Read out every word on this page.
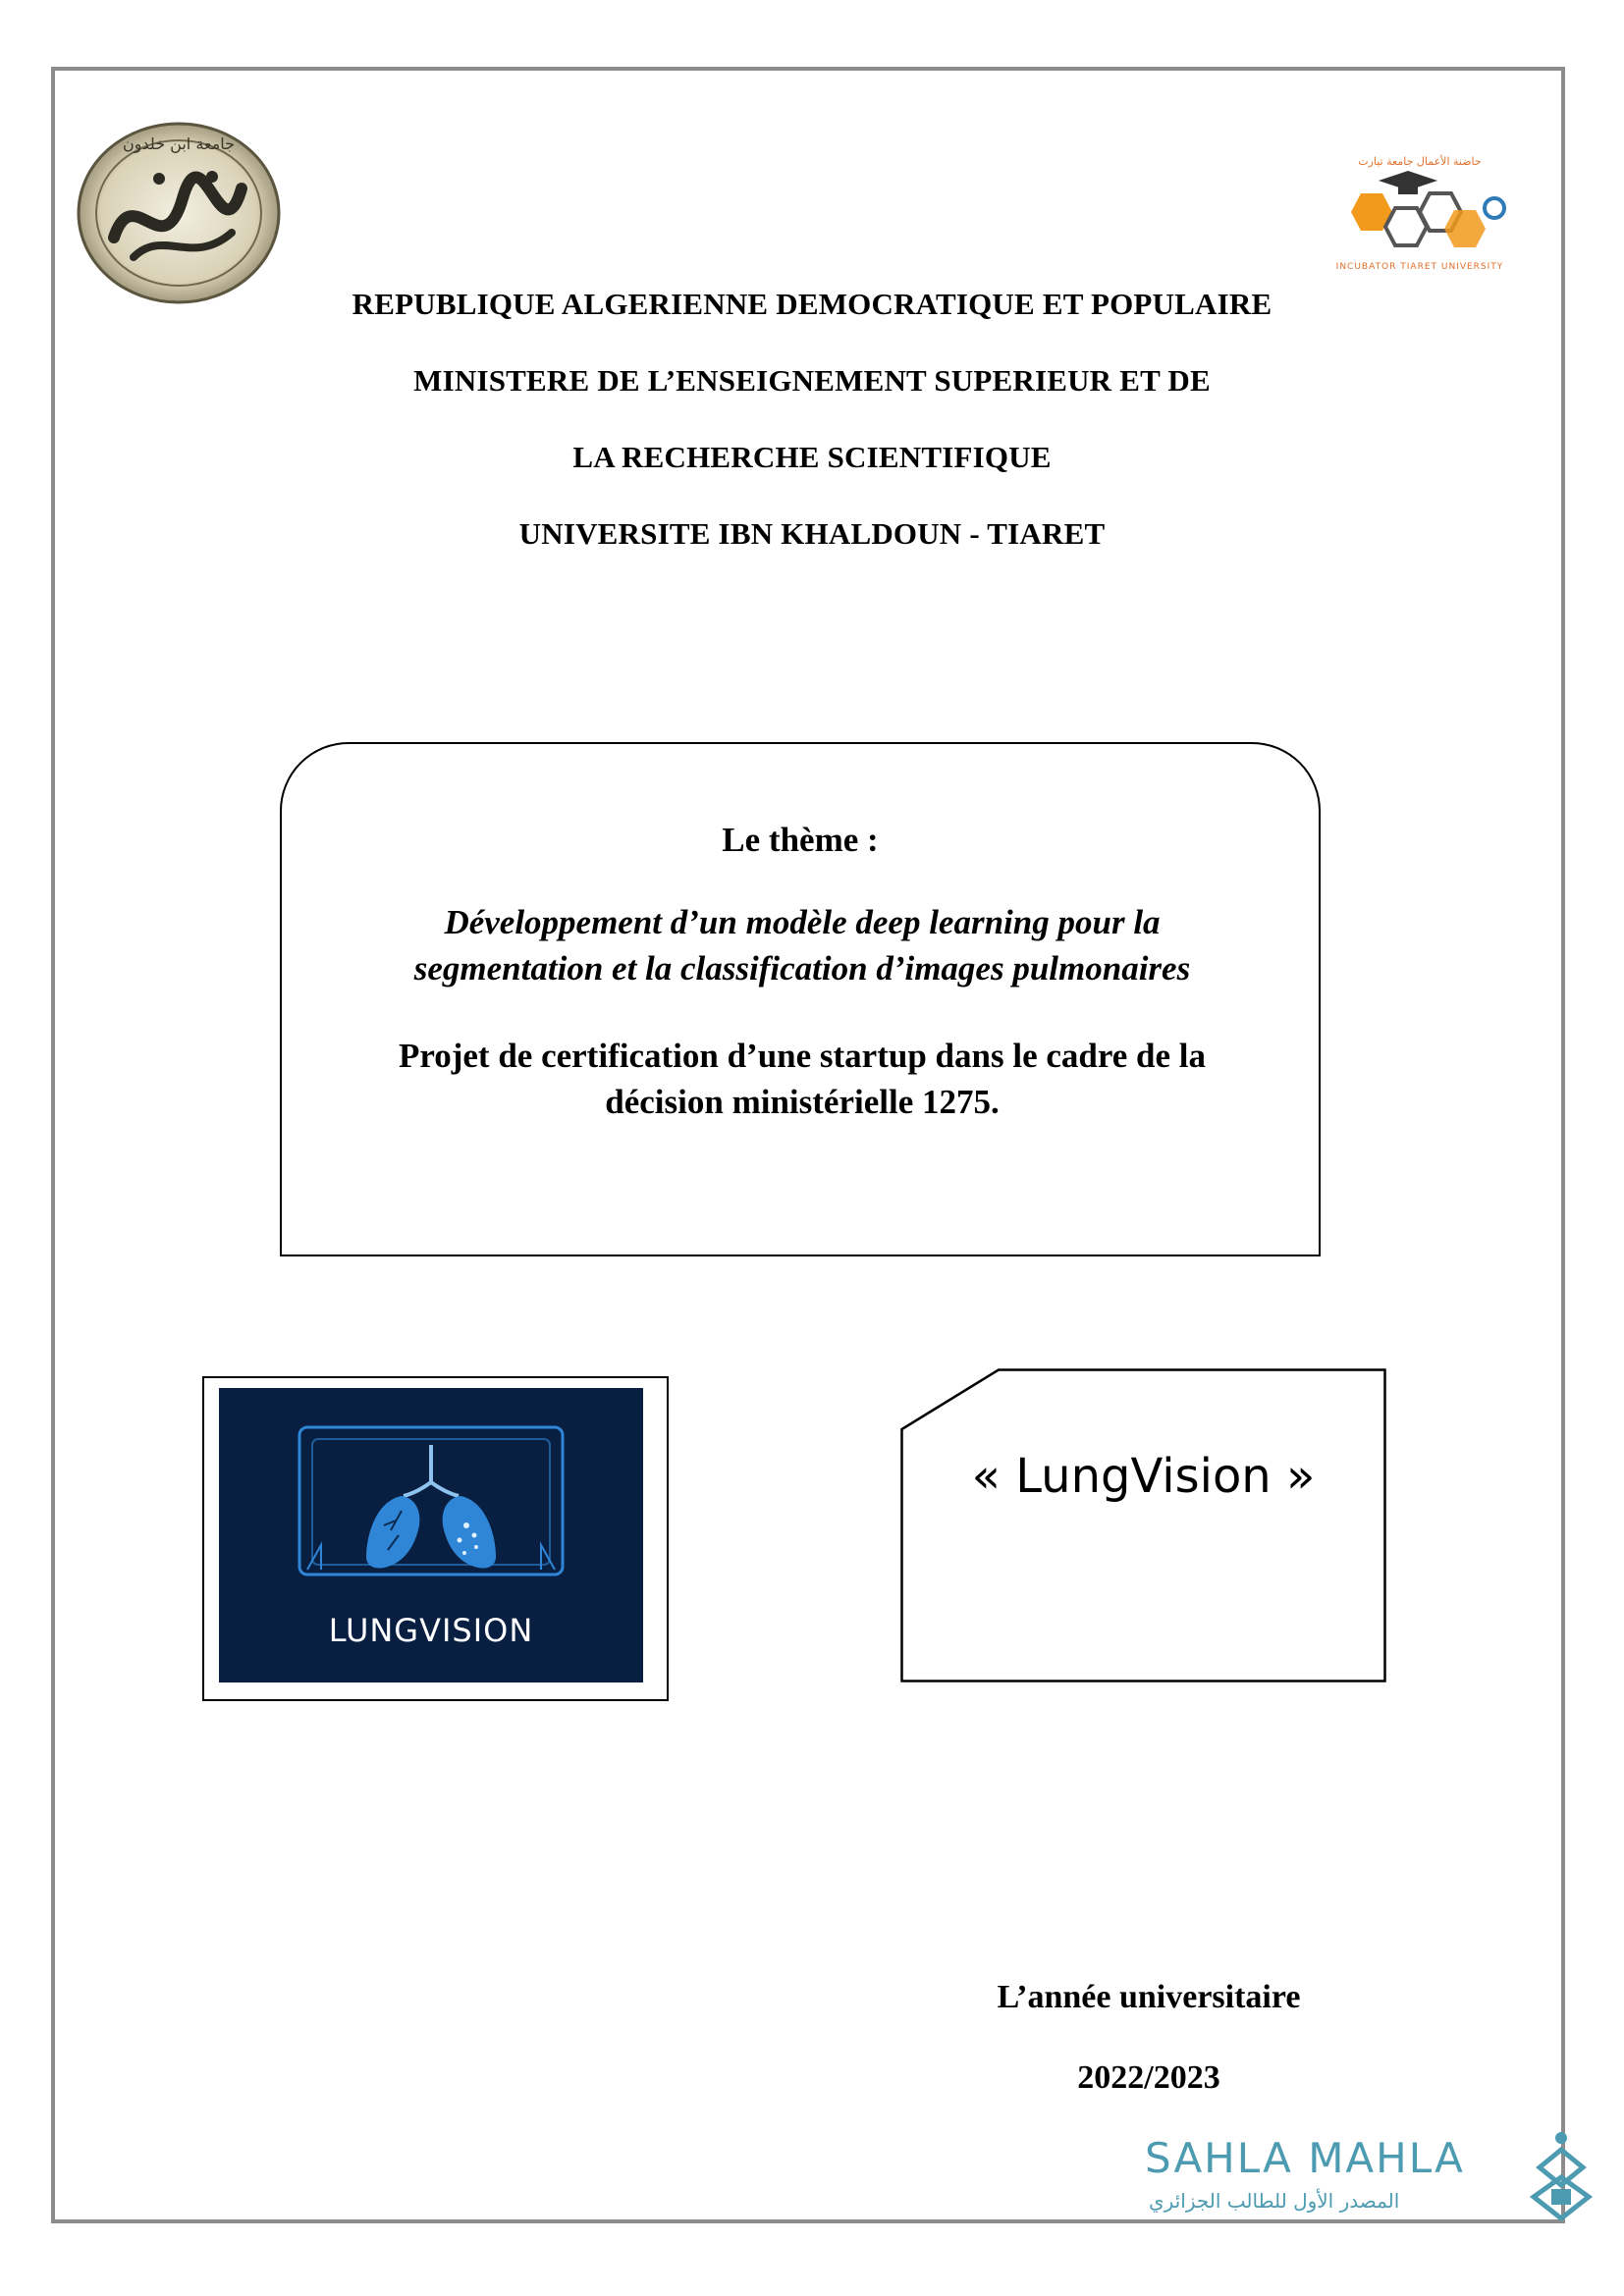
جامعة ابن خلدون
حاضنة الأعمال جامعة تيارت
INCUBATOR TIARET UNIVERSITY
REPUBLIQUE ALGERIENNE DEMOCRATIQUE ET POPULAIRE
MINISTERE DE L’ENSEIGNEMENT SUPERIEUR ET DE
LA RECHERCHE SCIENTIFIQUE
UNIVERSITE IBN KHALDOUN - TIARET
Le thème :
Développement d’un modèle deep learning pour la
segmentation et la classification d’images pulmonaires
Projet de certification d’une startup dans le cadre de la
décision ministérielle 1275.
LUNGVISION
« LungVision »
L’année universitaire
2022/2023
SAHLA MAHLA
المصدر الأول للطالب الجزائري
